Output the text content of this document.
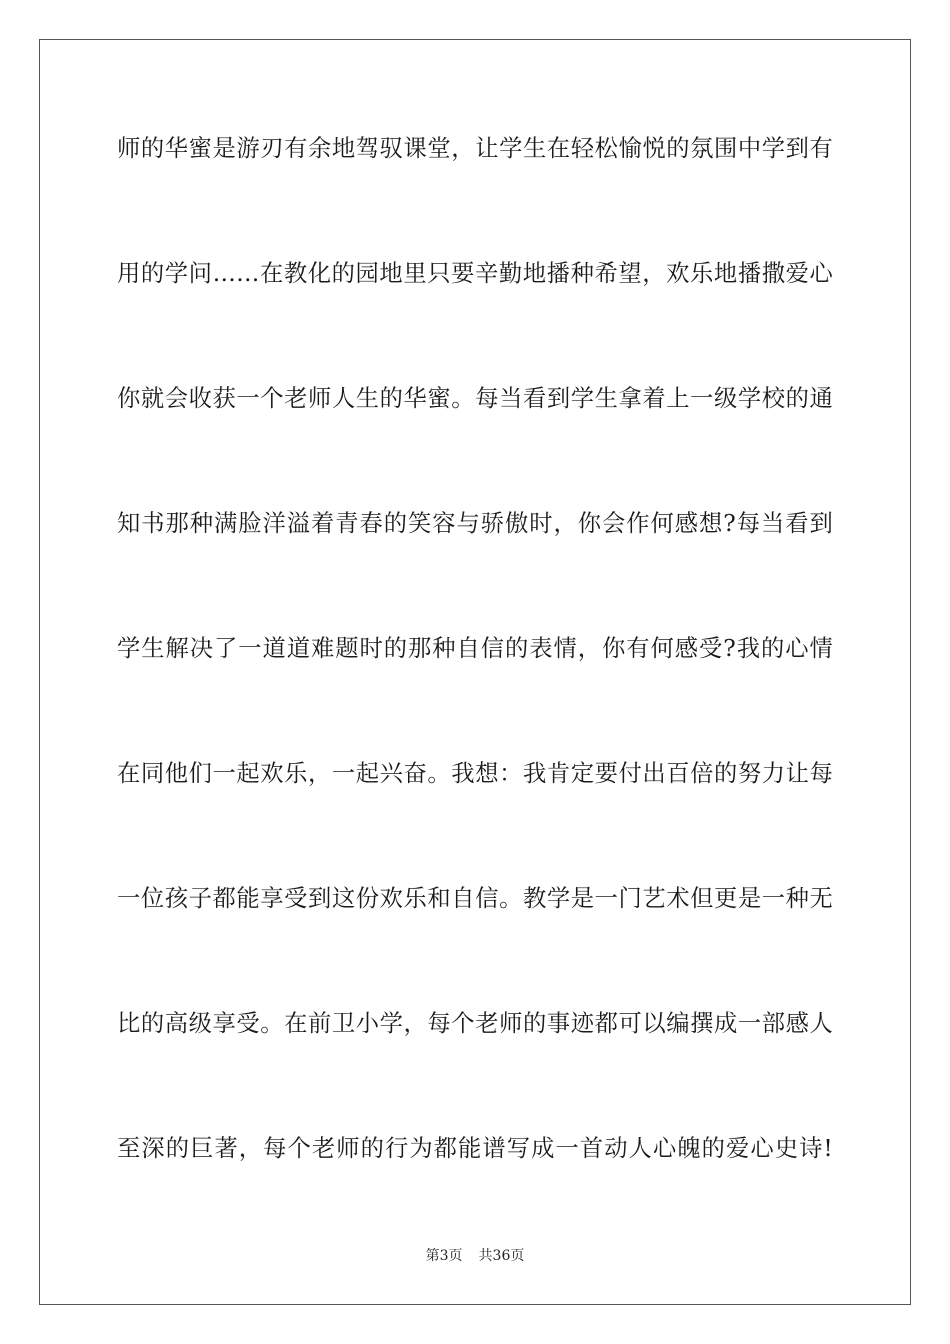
师的华蜜是游刃有余地驾驭课堂，让学生在轻松愉悦的氛围中学到有
用的学问……在教化的园地里只要辛勤地播种希望，欢乐地播撒爱心
你就会收获一个老师人生的华蜜。每当看到学生拿着上一级学校的通
知书那种满脸洋溢着青春的笑容与骄傲时，你会作何感想?每当看到
学生解决了一道道难题时的那种自信的表情，你有何感受?我的心情
在同他们一起欢乐，一起兴奋。我想：我肯定要付出百倍的努力让每
一位孩子都能享受到这份欢乐和自信。教学是一门艺术但更是一种无
比的高级享受。在前卫小学，每个老师的事迹都可以编撰成一部感人
至深的巨著，每个老师的行为都能谱写成一首动人心魄的爱心史诗!
第3页 共36页
